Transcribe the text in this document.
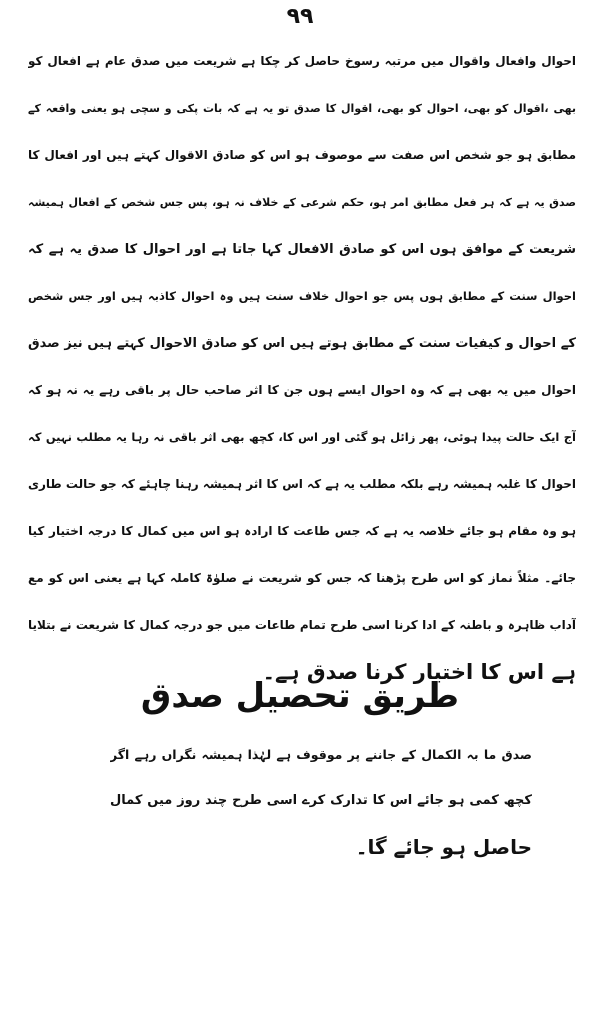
۹۹
احوال وافعال واقوال میں مرتبہ رسوخ حاصل کر چکا ہے شریعت میں صدق عام ہے افعال کو
بھی ،اقوال کو بھی، احوال کو بھی، اقوال کا صدق تو یہ ہے کہ بات پکی و سچی ہو یعنی واقعہ کے
مطابق ہو جو شخص اس صفت سے موصوف ہو اس کو صادق الاقوال کہتے ہیں اور افعال کا
صدق یہ ہے کہ ہر فعل مطابق امر ہو، حکم شرعی کے خلاف نہ ہو، پس جس شخص کے افعال ہمیشہ
شریعت کے موافق ہوں اس کو صادق الافعال کہا جاتا ہے اور احوال کا صدق یہ ہے کہ
احوال سنت کے مطابق ہوں پس جو احوال خلاف سنت ہیں وہ احوال کاذبہ ہیں اور جس شخص
کے احوال و کیفیات سنت کے مطابق ہوتے ہیں اس کو صادق الاحوال کہتے ہیں نیز صدق
احوال میں یہ بھی ہے کہ وہ احوال ایسے ہوں جن کا اثر صاحب حال پر باقی رہے یہ نہ ہو کہ
آج ایک حالت پیدا ہوئی، پھر زائل ہو گئی اور اس کا، کچھ بھی اثر باقی نہ رہا یہ مطلب نہیں کہ
احوال کا غلبہ ہمیشہ رہے بلکہ مطلب یہ ہے کہ اس کا اثر ہمیشہ رہنا چاہئے کہ جو حالت طاری
ہو وہ مقام ہو جائے خلاصہ یہ ہے کہ جس طاعت کا ارادہ ہو اس میں کمال کا درجہ اختیار کیا
جائے۔ مثلاً نماز کو اس طرح پڑھنا کہ جس کو شریعت نے صلوٰۃ کاملہ کہا ہے یعنی اس کو مع
آداب ظاہرہ و باطنہ کے ادا کرنا اسی طرح تمام طاعات میں جو درجہ کمال کا شریعت نے بتلایا
ہے اس کا اختیار کرنا صدق ہے۔
طریق تحصیل صدق
صدق ما بہ الکمال کے جاننے پر موقوف ہے لہٰذا ہمیشہ نگراں رہے اگر
کچھ کمی ہو جائے اس کا تدارک کرے اسی طرح چند روز میں کمال
حاصل ہو جائے گا۔
